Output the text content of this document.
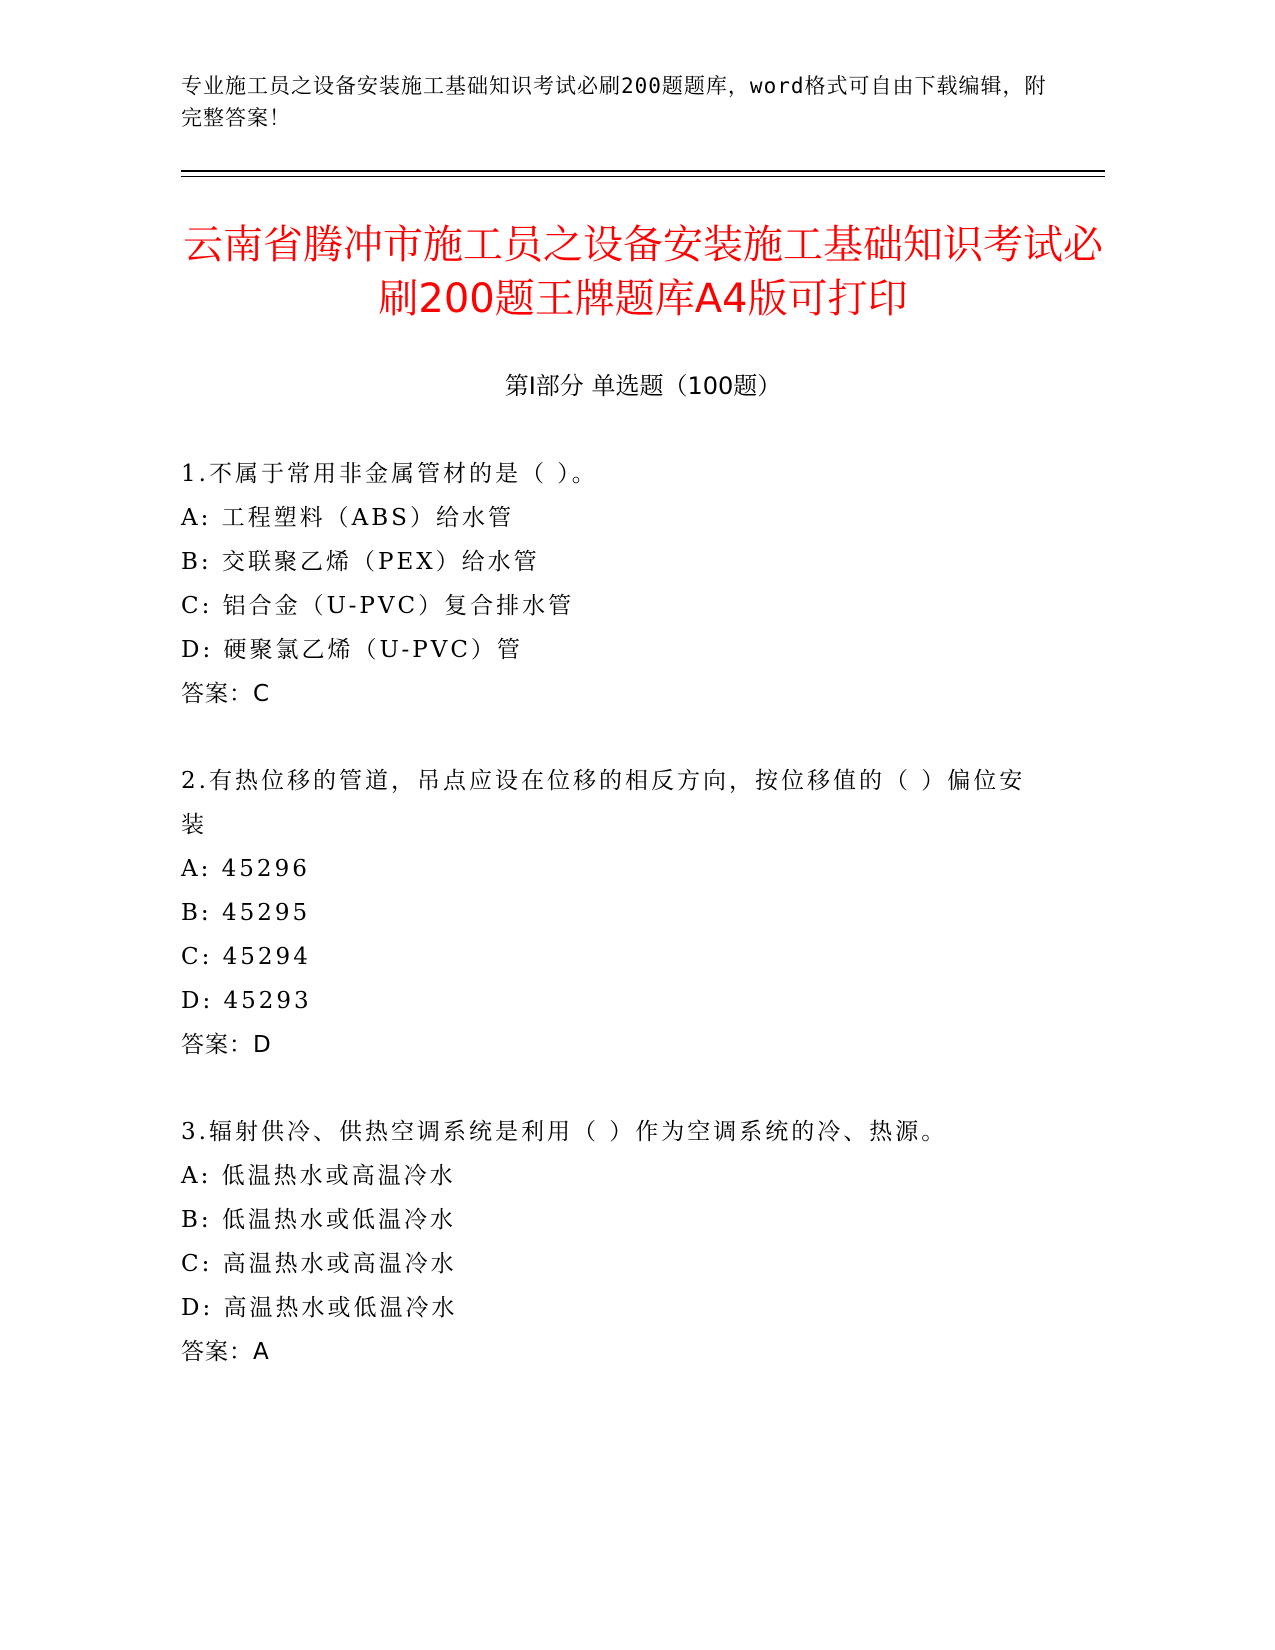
专业施工员之设备安装施工基础知识考试必刷200题题库，word格式可自由下载编辑，附完整答案！
云南省腾冲市施工员之设备安装施工基础知识考试必刷200题王牌题库A4版可打印
第Ⅰ部分 单选题（100题）
1.不属于常用非金属管材的是（ ）。
A: 工程塑料（ABS）给水管
B: 交联聚乙烯（PEX）给水管
C: 铝合金（U-PVC）复合排水管
D: 硬聚氯乙烯（U-PVC）管
答案：C
2.有热位移的管道，吊点应设在位移的相反方向，按位移值的（ ）偏位安装
A: 45296
B: 45295
C: 45294
D: 45293
答案：D
3.辐射供冷、供热空调系统是利用（ ）作为空调系统的冷、热源。
A: 低温热水或高温冷水
B: 低温热水或低温冷水
C: 高温热水或高温冷水
D: 高温热水或低温冷水
答案：A
